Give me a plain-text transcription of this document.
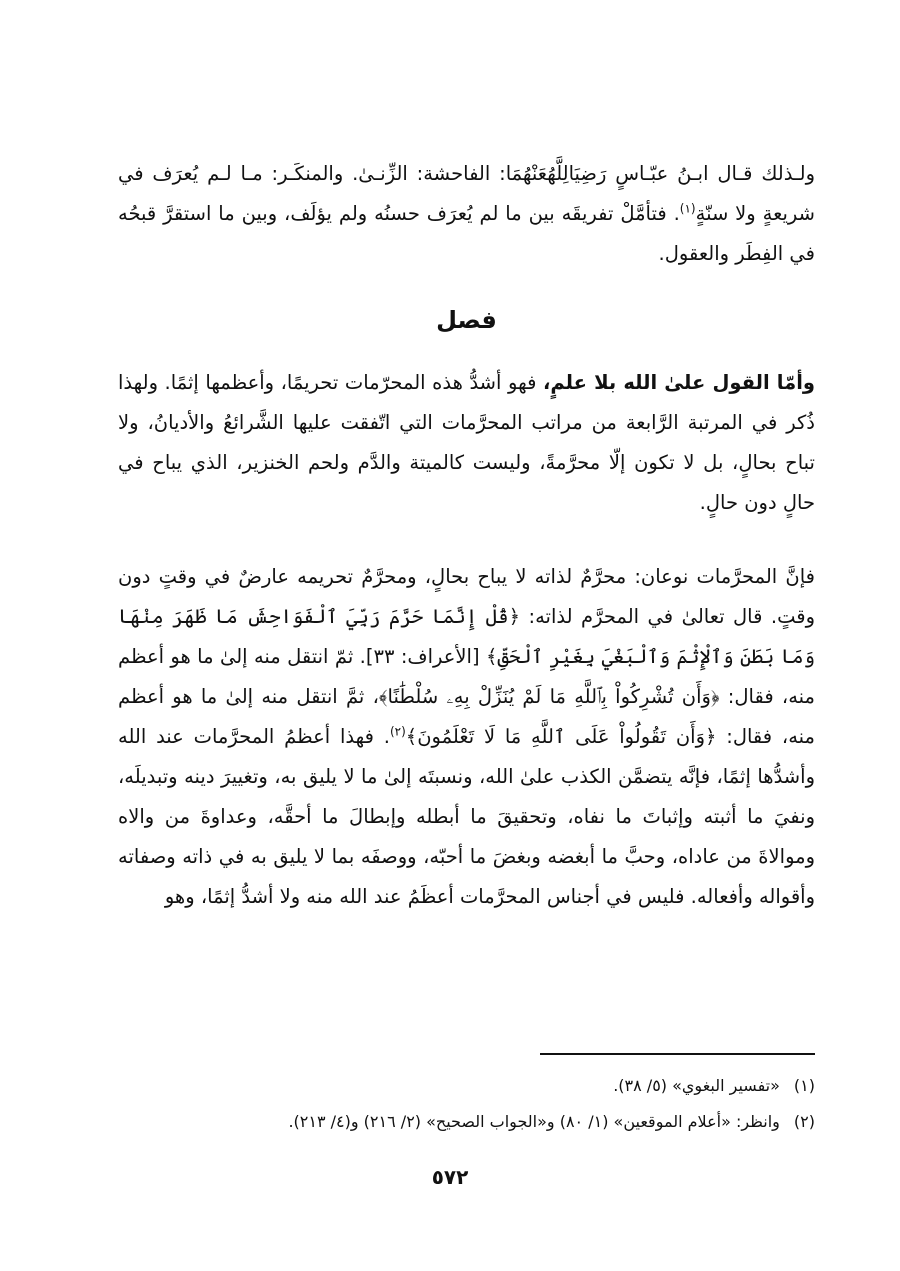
ولـذلك قـال ابـنُ عبّـاسٍ رَضِيَالِلَّهُعَنْهُمَا: الفاحشة: الزِّنـىٰ. والمنكَـر: مـا لـم يُعرَف في شريعةٍ ولا سنّةٍ$^{(١)}$. فتأمَّلْ تفريقَه بين ما لم يُعرَف حسنُه ولم يؤلَف، وبين ما استقرَّ قبحُه في الفِطَر والعقول.

فصل

وأمّا القول علىٰ الله بلا علمٍ، فهو أشدُّ هذه المحرّمات تحريمًا، وأعظمها إثمًا. ولهذا ذُكر في المرتبة الرَّابعة من مراتب المحرَّمات التي اتّفقت عليها الشَّرائعُ والأديانُ، ولا تباح بحالٍ، بل لا تكون إلّا محرَّمةً، وليست كالميتة والدَّم ولحم الخنزير، الذي يباح في حالٍ دون حالٍ.

فإنَّ المحرَّمات نوعان: محرَّمٌ لذاته لا يباح بحالٍ، ومحرَّمٌ تحريمه عارضٌ في وقتٍ دون وقتٍ. قال تعالىٰ في المحرَّم لذاته: ﴿قُلْ إِنَّمَا حَرَّمَ رَبِّيَ ٱلْفَوَاحِشَ مَا ظَهَرَ مِنْهَا وَمَا بَطَنَ وَٱلْإِثْمَ وَٱلْبَغْيَ بِغَيْرِ ٱلْحَقِّ﴾ [الأعراف: ٣٣]. ثمّ انتقل منه إلىٰ ما هو أعظم منه، فقال: ﴿وَأَن تُشْرِكُواْ بِٱللَّهِ مَا لَمْ يُنَزِّلْ بِهِۦ سُلْطَٰنًا﴾، ثمَّ انتقل منه إلىٰ ما هو أعظم منه، فقال: ﴿وَأَن تَقُولُواْ عَلَى ٱللَّهِ مَا لَا تَعْلَمُونَ﴾$^{(٢)}$. فهذا أعظمُ المحرَّمات عند الله وأشدُّها إثمًا، فإنَّه يتضمَّن الكذب علىٰ الله، ونسبتَه إلىٰ ما لا يليق به، وتغييرَ دينه وتبديلَه، ونفيَ ما أثبته وإثباتَ ما نفاه، وتحقيقَ ما أبطله وإبطالَ ما أحقَّه، وعداوةَ من والاه وموالاةَ من عاداه، وحبَّ ما أبغضه وبغضَ ما أحبّه، ووصفَه بما لا يليق به في ذاته وصفاته وأقواله وأفعاله. فليس في أجناس المحرَّمات أعظَمُ عند الله منه ولا أشدُّ إثمًا، وهو

(١)«تفسير البغوي» (٥/ ٣٨).

(٢)وانظر: «أعلام الموقعين» (١/ ٨٠) و«الجواب الصحيح» (٢/ ٢١٦) و(٤/ ٢١٣).

٥٧٢
